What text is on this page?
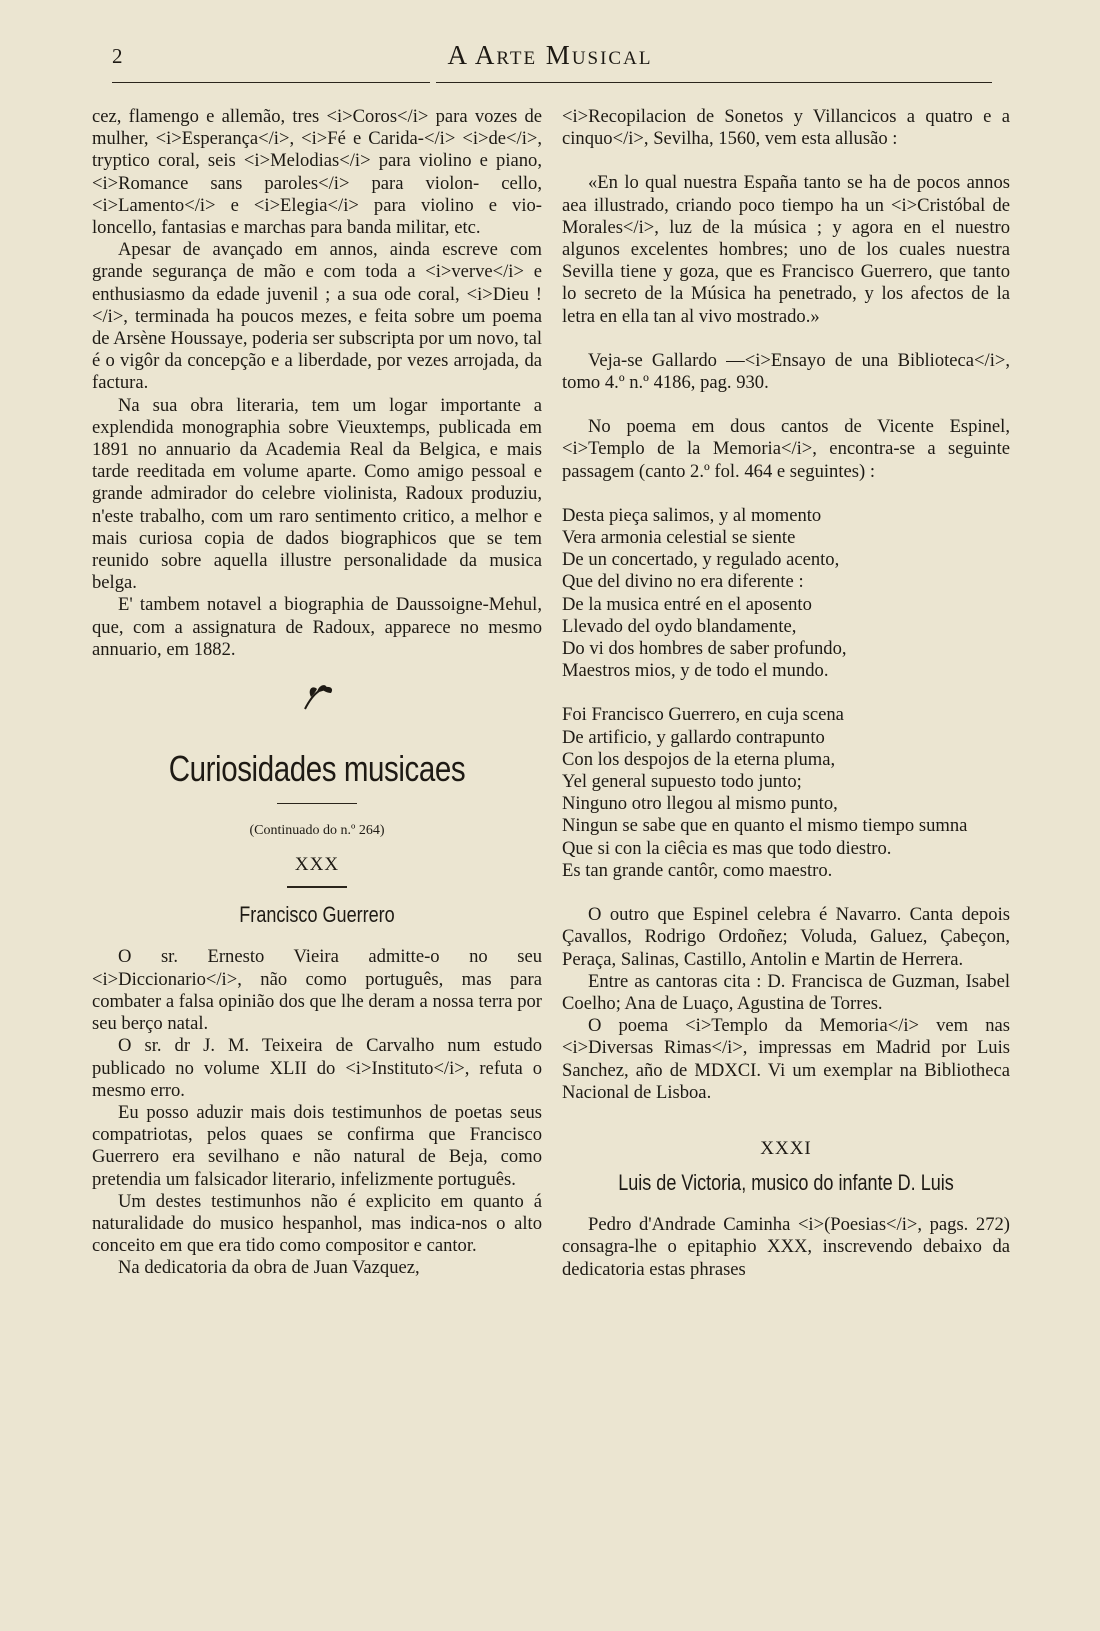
2	A Arte Musical

cez, flamengo e allemão, tres <i>Coros</i> para vozes de mulher, <i>Esperança</i>, <i>Fé e Carida-</i> <i>de</i>, tryptico coral, seis <i>Melodias</i> para violino e piano, <i>Romance sans paroles</i> para violon- cello, <i>Lamento</i> e <i>Elegia</i> para violino e vio- loncello, fantasias e marchas para banda militar, etc.

Apesar de avançado em annos, ainda escreve com grande segurança de mão e com toda a <i>verve</i> e enthusiasmo da edade juvenil ; a sua ode coral, <i>Dieu !</i>, terminada ha poucos mezes, e feita sobre um poema de Arsène Houssaye, poderia ser subscripta por um novo, tal é o vigôr da concepção e a liberdade, por vezes arrojada, da factura.

Na sua obra literaria, tem um logar importante a explendida monographia sobre Vieuxtemps, publicada em 1891 no annuario da Academia Real da Belgica, e mais tarde reeditada em volume aparte. Como amigo pessoal e grande admirador do celebre violinista, Radoux produziu, n'este trabalho, com um raro sentimento critico, a melhor e mais curiosa copia de dados biographicos que se tem reunido sobre aquella illustre personalidade da musica belga.

E' tambem notavel a biographia de Daussoigne-Mehul, que, com a assignatura de Radoux, apparece no mesmo annuario, em 1882.

Curiosidades musicaes
(Continuado do n.º 264)
XXX
Francisco Guerrero

O sr. Ernesto Vieira admitte-o no seu <i>Diccionario</i>, não como português, mas para combater a falsa opinião dos que lhe deram a nossa terra por seu berço natal.

O sr. dr J. M. Teixeira de Carvalho num estudo publicado no volume XLII do <i>Instituto</i>, refuta o mesmo erro.

Eu posso aduzir mais dois testimunhos de poetas seus compatriotas, pelos quaes se confirma que Francisco Guerrero era sevilhano e não natural de Beja, como pretendia um falsicador literario, infelizmente português.

Um destes testimunhos não é explicito em quanto á naturalidade do musico hespanhol, mas indica-nos o alto conceito em que era tido como compositor e cantor.

Na dedicatoria da obra de Juan Vazquez,

<i>Recopilacion de Sonetos y Villancicos a quatro e a cinquo</i>, Sevilha, 1560, vem esta allusão :

«En lo qual nuestra España tanto se ha de pocos annos aea illustrado, criando poco tiempo ha un <i>Cristóbal de Morales</i>, luz de la música ; y agora en el nuestro algunos excelentes hombres; uno de los cuales nuestra Sevilla tiene y goza, que es Francisco Guerrero, que tanto lo secreto de la Música ha penetrado, y los afectos de la letra en ella tan al vivo mostrado.»

Veja-se Gallardo —<i>Ensayo de una Biblioteca</i>, tomo 4.º n.º 4186, pag. 930.

No poema em dous cantos de Vicente Espinel, <i>Templo de la Memoria</i>, encontra-se a seguinte passagem (canto 2.º fol. 464 e seguintes) :

Desta pieça salimos, y al momento
Vera armonia celestial se siente
De un concertado, y regulado acento,
Que del divino no era diferente :
De la musica entré en el aposento
Llevado del oydo blandamente,
Do vi dos hombres de saber profundo,
Maestros mios, y de todo el mundo.
Foi Francisco Guerrero, en cuja scena
De artificio, y gallardo contrapunto
Con los despojos de la eterna pluma,
Yel general supuesto todo junto;
Ninguno otro llegou al mismo punto,
Ningun se sabe que en quanto el mismo tiempo sumna
Que si con la ciêcia es mas que todo diestro.
Es tan grande cantôr, como maestro.

O outro que Espinel celebra é Navarro. Canta depois Çavallos, Rodrigo Ordoñez; Voluda, Galuez, Çabeçon, Peraça, Salinas, Castillo, Antolin e Martin de Herrera.

Entre as cantoras cita : D. Francisca de Guzman, Isabel Coelho; Ana de Luaço, Agustina de Torres.

O poema <i>Templo da Memoria</i> vem nas <i>Diversas Rimas</i>, impressas em Madrid por Luis Sanchez, año de MDXCI. Vi um exemplar na Bibliotheca Nacional de Lisboa.

XXXI
Luis de Victoria, musico do infante D. Luis

Pedro d'Andrade Caminha <i>(Poesias</i>, pags. 272) consagra-lhe o epitaphio XXX, inscrevendo debaixo da dedicatoria estas phrases
